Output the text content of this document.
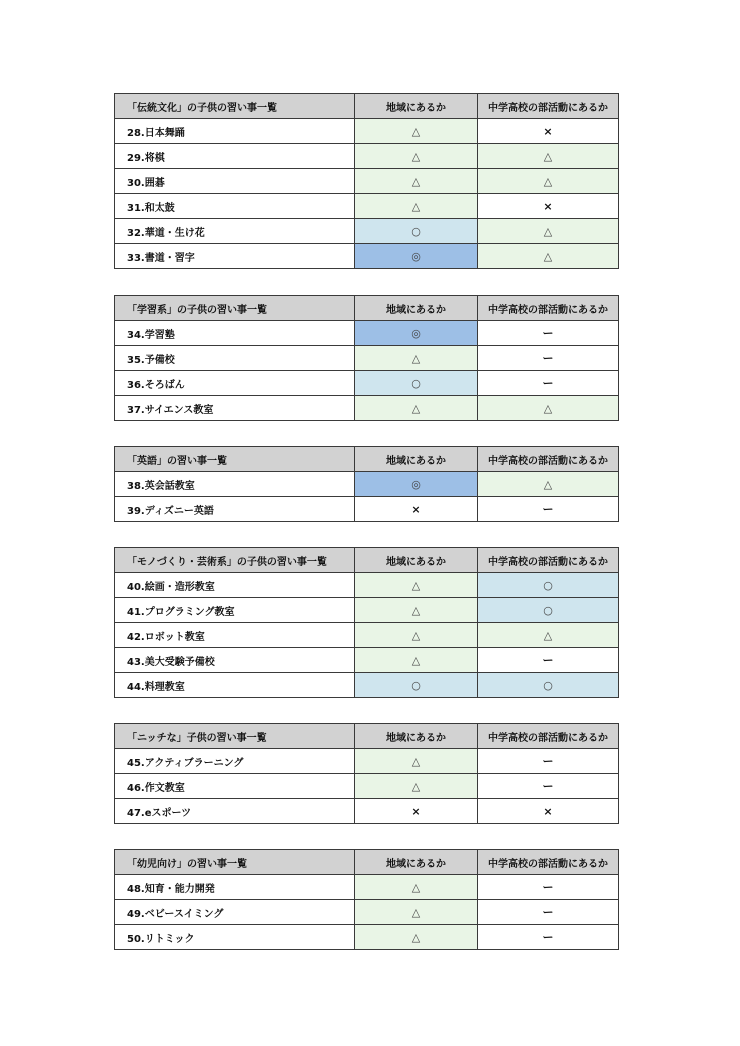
「伝統文化」の子供の習い事一覧	地域にあるか	中学高校の部活動にあるか
28.日本舞踊	△	×
29.将棋	△	△
30.囲碁	△	△
31.和太鼓	△	×
32.華道・生け花	○	△
33.書道・習字	◎	△
「学習系」の子供の習い事一覧	地域にあるか	中学高校の部活動にあるか
34.学習塾	◎	ー
35.予備校	△	ー
36.そろばん	○	ー
37.サイエンス教室	△	△
「英語」の習い事一覧	地域にあるか	中学高校の部活動にあるか
38.英会話教室	◎	△
39.ディズニー英語	×	ー
「モノづくり・芸術系」の子供の習い事一覧	地域にあるか	中学高校の部活動にあるか
40.絵画・造形教室	△	○
41.プログラミング教室	△	○
42.ロボット教室	△	△
43.美大受験予備校	△	ー
44.料理教室	○	○
「ニッチな」子供の習い事一覧	地域にあるか	中学高校の部活動にあるか
45.アクティブラーニング	△	ー
46.作文教室	△	ー
47.eスポーツ	×	×
「幼児向け」の習い事一覧	地域にあるか	中学高校の部活動にあるか
48.知育・能力開発	△	ー
49.ベビースイミング	△	ー
50.リトミック	△	ー
